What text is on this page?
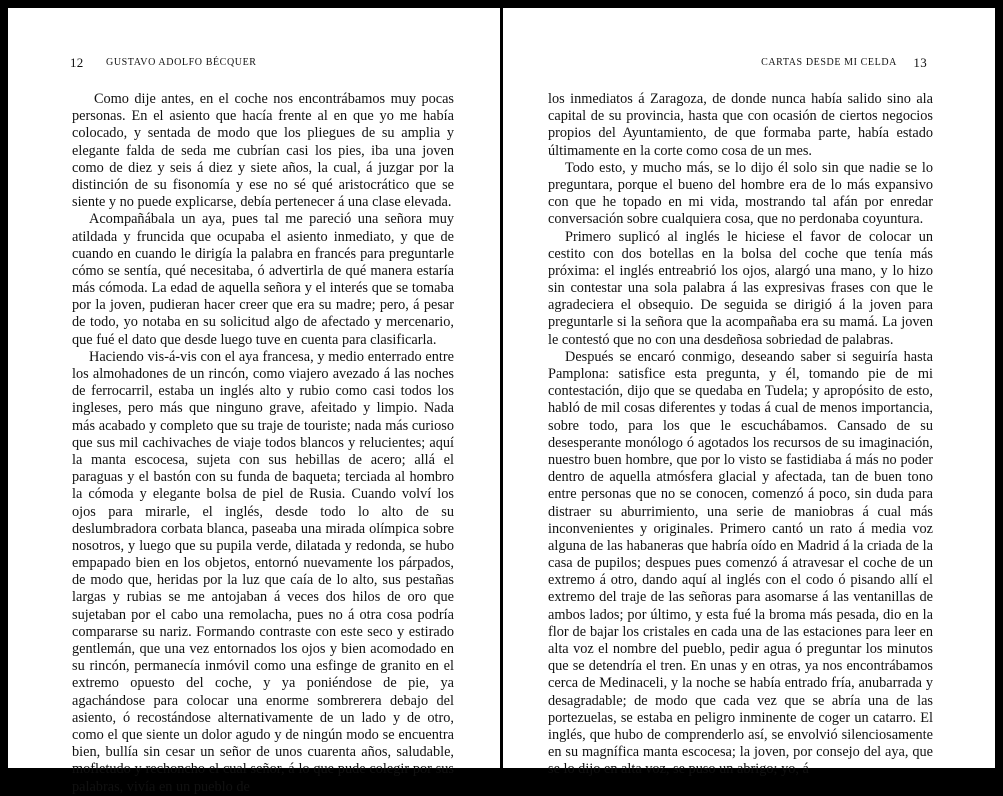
12 GUSTAVO ADOLFO BÉCQUER

Como dije antes, en el coche nos encontrábamos muy pocas personas. En el asiento que hacía frente al en que yo me había colocado, y sentada de modo que los pliegues de su amplia y elegante falda de seda me cubrían casi los pies, iba una joven como de diez y seis á diez y siete años, la cual, á juzgar por la distinción de su fisonomía y ese no sé qué aristocrático que se siente y no puede explicarse, debía pertenecer á una clase elevada.

Acompañábala un aya, pues tal me pareció una señora muy atildada y fruncida que ocupaba el asiento inmediato, y que de cuando en cuando le dirigía la palabra en francés para preguntarle cómo se sentía, qué necesitaba, ó advertirla de qué manera estaría más cómoda. La edad de aquella señora y el interés que se tomaba por la joven, pudieran hacer creer que era su madre; pero, á pesar de todo, yo notaba en su solicitud algo de afectado y mercenario, que fué el dato que desde luego tuve en cuenta para clasificarla.

Haciendo vis-á-vis con el aya francesa, y medio enterrado entre los almohadones de un rincón, como viajero avezado á las noches de ferrocarril, estaba un inglés alto y rubio como casi todos los ingleses, pero más que ninguno grave, afeitado y limpio. Nada más acabado y completo que su traje de touriste; nada más curioso que sus mil cachivaches de viaje todos blancos y relucientes; aquí la manta escocesa, sujeta con sus hebillas de acero; allá el paraguas y el bastón con su funda de baqueta; terciada al hombro la cómoda y elegante bolsa de piel de Rusia. Cuando volví los ojos para mirarle, el inglés, desde todo lo alto de su deslumbradora corbata blanca, paseaba una mirada olímpica sobre nosotros, y luego que su pupila verde, dilatada y redonda, se hubo empapado bien en los objetos, entornó nuevamente los párpados, de modo que, heridas por la luz que caía de lo alto, sus pestañas largas y rubias se me antojaban á veces dos hilos de oro que sujetaban por el cabo una remolacha, pues no á otra cosa podría compararse su nariz. Formando contraste con este seco y estirado gentlemán, que una vez entornados los ojos y bien acomodado en su rincón, permanecía inmóvil como una esfinge de granito en el extremo opuesto del coche, y ya poniéndose de pie, ya agachándose para colocar una enorme sombrerera debajo del asiento, ó recostándose alternativamente de un lado y de otro, como el que siente un dolor agudo y de ningún modo se encuentra bien, bullía sin cesar un señor de unos cuarenta años, saludable, mofletudo y rechoncho el cual señor, á lo que pude colegir por sus palabras, vivía en un pueblo de

CARTAS DESDE MI CELDA 13

los inmediatos á Zaragoza, de donde nunca había salido sino ala capital de su provincia, hasta que con ocasión de ciertos negocios propios del Ayuntamiento, de que formaba parte, había estado últimamente en la corte como cosa de un mes.

Todo esto, y mucho más, se lo dijo él solo sin que nadie se lo preguntara, porque el bueno del hombre era de lo más expansivo con que he topado en mi vida, mostrando tal afán por enredar conversación sobre cualquiera cosa, que no perdonaba coyuntura.

Primero suplicó al inglés le hiciese el favor de colocar un cestito con dos botellas en la bolsa del coche que tenía más próxima: el inglés entreabrió los ojos, alargó una mano, y lo hizo sin contestar una sola palabra á las expresivas frases con que le agradeciera el obsequio. De seguida se dirigió á la joven para preguntarle si la señora que la acompañaba era su mamá. La joven le contestó que no con una desdeñosa sobriedad de palabras.

Después se encaró conmigo, deseando saber si seguiría hasta Pamplona: satisfice esta pregunta, y él, tomando pie de mi contestación, dijo que se quedaba en Tudela; y apropósito de esto, habló de mil cosas diferentes y todas á cual de menos importancia, sobre todo, para los que le escuchábamos. Cansado de su desesperante monólogo ó agotados los recursos de su imaginación, nuestro buen hombre, que por lo visto se fastidiaba á más no poder dentro de aquella atmósfera glacial y afectada, tan de buen tono entre personas que no se conocen, comenzó á poco, sin duda para distraer su aburrimiento, una serie de maniobras á cual más inconvenientes y originales. Primero cantó un rato á media voz alguna de las habaneras que habría oído en Madrid á la criada de la casa de pupilos; despues pues comenzó á atravesar el coche de un extremo á otro, dando aquí al inglés con el codo ó pisando allí el extremo del traje de las señoras para asomarse á las ventanillas de ambos lados; por último, y esta fué la broma más pesada, dio en la flor de bajar los cristales en cada una de las estaciones para leer en alta voz el nombre del pueblo, pedir agua ó preguntar los minutos que se detendría el tren. En unas y en otras, ya nos encontrábamos cerca de Medinaceli, y la noche se había entrado fría, anubarrada y desagradable; de modo que cada vez que se abría una de las portezuelas, se estaba en peligro inminente de coger un catarro. El inglés, que hubo de comprenderlo así, se envolvió silenciosamente en su magnífica manta escocesa; la joven, por consejo del aya, que se lo dijo en alta voz, se puso un abrigo; yo, á
